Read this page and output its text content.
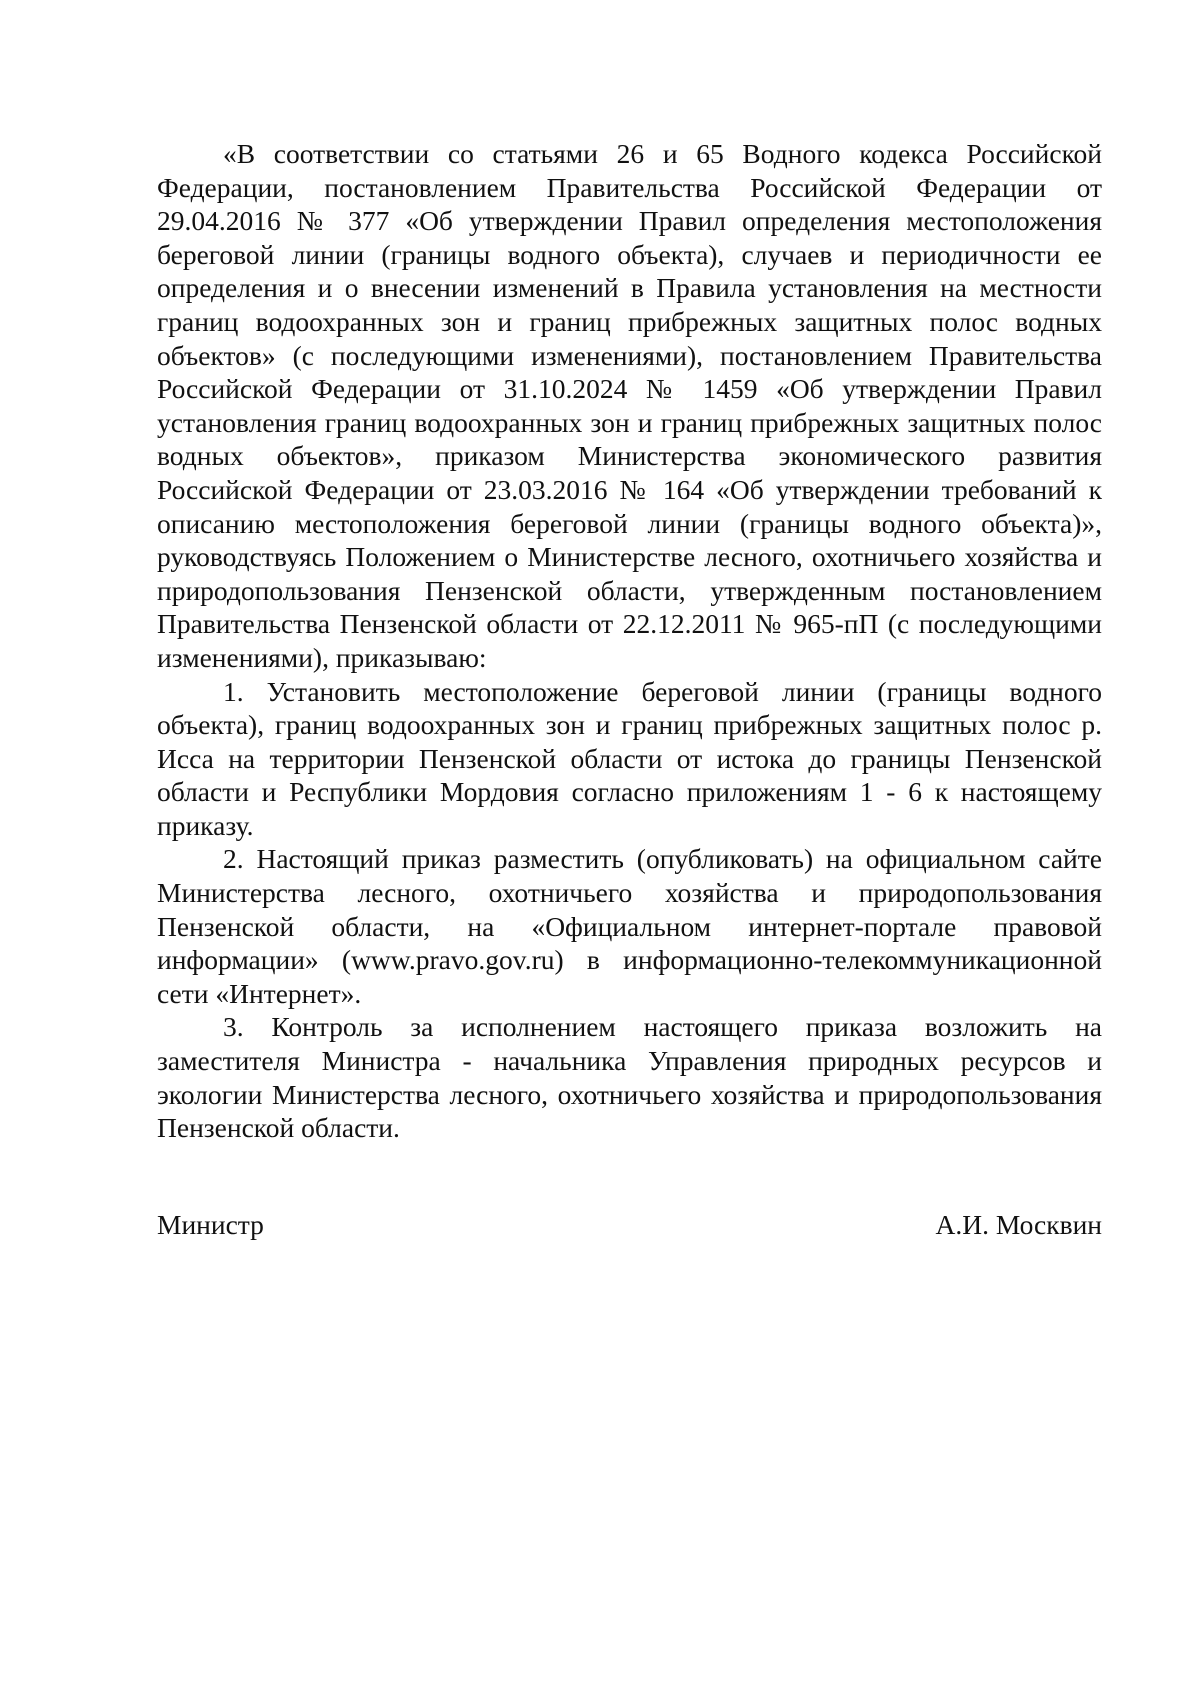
«В соответствии со статьями 26 и 65 Водного кодекса Российской Федерации, постановлением Правительства Российской Федерации от 29.04.2016 № 377 «Об утверждении Правил определения местоположения береговой линии (границы водного объекта), случаев и периодичности ее определения и о внесении изменений в Правила установления на местности границ водоохранных зон и границ прибрежных защитных полос водных объектов» (с последующими изменениями), постановлением Правительства Российской Федерации от 31.10.2024 № 1459 «Об утверждении Правил установления границ водоохранных зон и границ прибрежных защитных полос водных объектов», приказом Министерства экономического развития Российской Федерации от 23.03.2016 № 164 «Об утверждении требований к описанию местоположения береговой линии (границы водного объекта)», руководствуясь Положением о Министерстве лесного, охотничьего хозяйства и природопользования Пензенской области, утвержденным постановлением Правительства Пензенской области от 22.12.2011 № 965-пП (с последующими изменениями), приказываю:

1. Установить местоположение береговой линии (границы водного объекта), границ водоохранных зон и границ прибрежных защитных полос р. Исса на территории Пензенской области от истока до границы Пензенской области и Республики Мордовия согласно приложениям 1 - 6 к настоящему приказу.

2. Настоящий приказ разместить (опубликовать) на официальном сайте Министерства лесного, охотничьего хозяйства и природопользования Пензенской области, на «Официальном интернет-портале правовой информации» (www.pravo.gov.ru) в информационно-телекоммуникационной сети «Интернет».

3. Контроль за исполнением настоящего приказа возложить на заместителя Министра - начальника Управления природных ресурсов и экологии Министерства лесного, охотничьего хозяйства и природопользования Пензенской области.

Министр	А.И. Москвин
